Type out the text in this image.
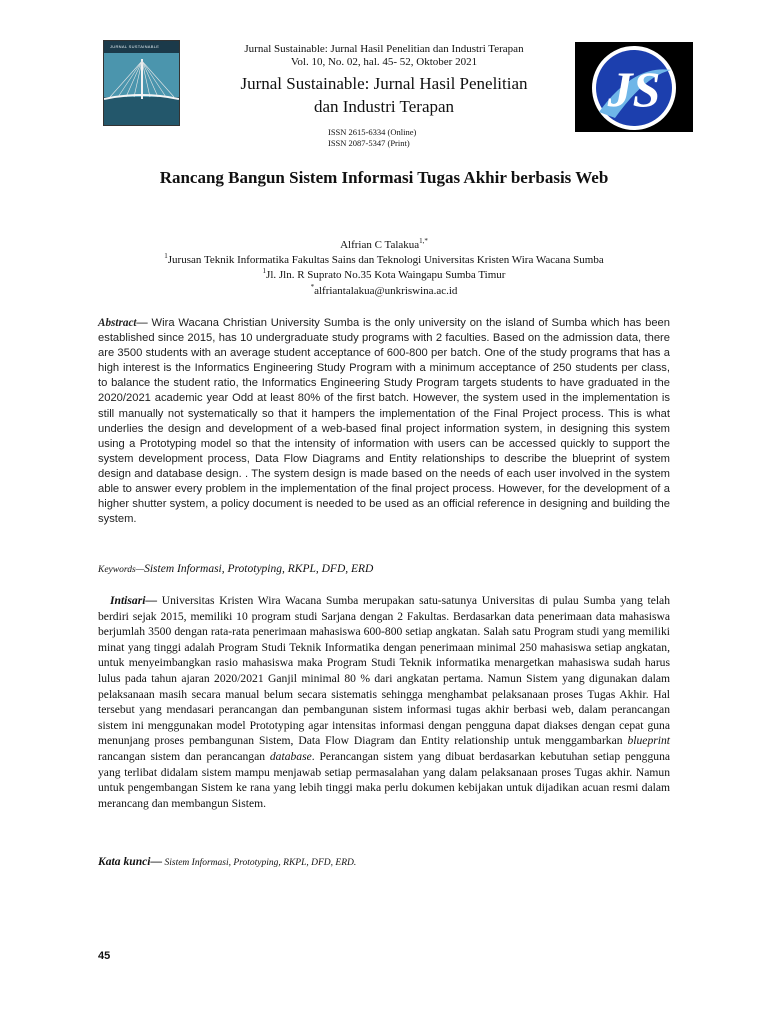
JURNAL SUSTAINABLE	Jurnal Sustainable: Jurnal Hasil Penelitian dan Industri Terapan
Vol. 10, No. 02, hal. 45- 52, Oktober 2021
Jurnal Sustainable: Jurnal Hasil Penelitian
dan Industri Terapan
ISSN 2615-6334 (Online)
ISSN 2087-5347 (Print)
JS
Rancang Bangun Sistem Informasi Tugas Akhir berbasis Web
Alfrian C Talakua$^{1,*}$
$^1$Jurusan Teknik Informatika Fakultas Sains dan Teknologi Universitas Kristen Wira Wacana Sumba
$^1$Jl. Jln. R Suprato No.35 Kota Waingapu Sumba Timur
*alfriantalakua@unkriswina.ac.id
Abstract— Wira Wacana Christian University Sumba is the only university on the island of Sumba which has been established since 2015, has 10 undergraduate study programs with 2 faculties. Based on the admission data, there are 3500 students with an average student acceptance of 600-800 per batch. One of the study programs that has a high interest is the Informatics Engineering Study Program with a minimum acceptance of 250 students per class, to balance the student ratio, the Informatics Engineering Study Program targets students to have graduated in the 2020/2021 academic year Odd at least 80% of the first batch. However, the system used in the implementation is still manually not systematically so that it hampers the implementation of the Final Project process. This is what underlies the design and development of a web-based final project information system, in designing this system using a Prototyping model so that the intensity of information with users can be accessed quickly to support the system development process, Data Flow Diagrams and Entity relationships to describe the blueprint of system design and database design. . The system design is made based on the needs of each user involved in the system able to answer every problem in the implementation of the final project process. However, for the development of a higher shutter system, a policy document is needed to be used as an official reference in designing and building the system.
Keywords—Sistem Informasi, Prototyping, RKPL, DFD, ERD
Intisari— Universitas Kristen Wira Wacana Sumba merupakan satu-satunya Universitas di pulau Sumba yang telah berdiri sejak 2015, memiliki 10 program studi Sarjana dengan 2 Fakultas. Berdasarkan data penerimaan data mahasiswa berjumlah 3500 dengan rata-rata penerimaan mahasiswa 600-800 setiap angkatan. Salah satu Program studi yang memiliki minat yang tinggi adalah Program Studi Teknik Informatika dengan penerimaan minimal 250 mahasiswa setiap angkatan, untuk menyeimbangkan rasio mahasiswa maka Program Studi Teknik informatika menargetkan mahasiswa sudah harus lulus pada tahun ajaran 2020/2021 Ganjil minimal 80 % dari angkatan pertama. Namun Sistem yang digunakan dalam pelaksanaan masih secara manual belum secara sistematis sehingga menghambat pelaksanaan proses Tugas Akhir. Hal tersebut yang mendasari perancangan dan pembangunan sistem informasi tugas akhir berbasi web, dalam perancangan sistem ini menggunakan model Prototyping agar intensitas informasi dengan pengguna dapat diakses dengan cepat guna menunjang proses pembangunan Sistem, Data Flow Diagram dan Entity relationship untuk menggambarkan blueprint rancangan sistem dan perancangan database. Perancangan sistem yang dibuat berdasarkan kebutuhan setiap pengguna yang terlibat didalam sistem mampu menjawab setiap permasalahan yang dalam pelaksanaan proses Tugas akhir. Namun untuk pengembangan Sistem ke rana yang lebih tinggi maka perlu dokumen kebijakan untuk dijadikan acuan resmi dalam merancang dan membangun Sistem.
Kata kunci— Sistem Informasi, Prototyping, RKPL, DFD, ERD.
45
